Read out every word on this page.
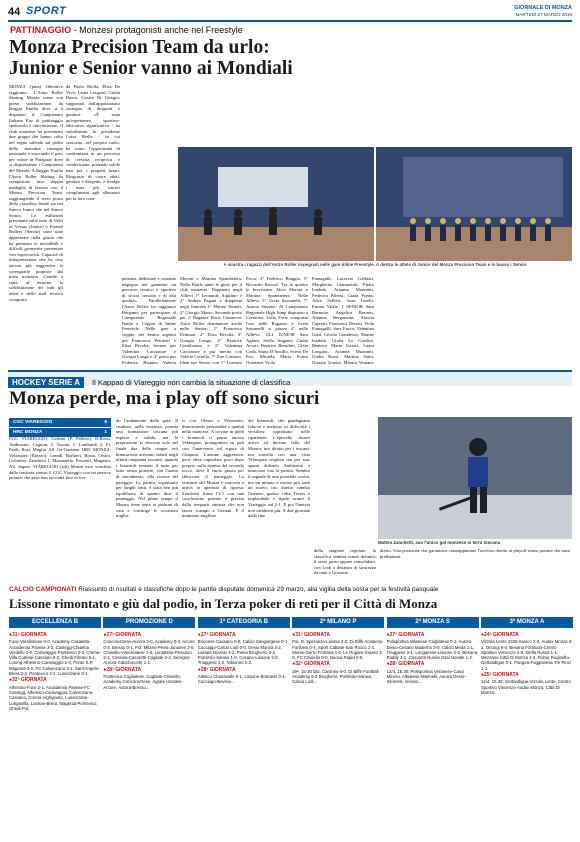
44 SPORT	GIORNALE DI MONZA
MARTEDÌ 27 MARZO 2018
PATTINAGGIO - Monzesi protagonisti anche nel Freestyle
Monza Precision Team da urlo:
Junior e Senior vanno ai Mondiali
MONZA (pma) Obiettivo raggiunto... L'Astro Roller Skating Monza torna con piena soddisfazione da Reggio Emilia dove si è disputato il Campionato Italiano Fisr di pattinaggio spettacolo e sincronizzato. Il club monzese ha presentato due gruppi che hanno colto nel segno salendo sul podio della massima rassegna nazionale e staccando il pass per volare in Paraguay dove si disputeranno i Campionati del Mondo. A Reggio Emilia l'Astro Roller Skating ha conquistato una doppia medaglia di bronzo con il Monza Precision Team, raggiungendo il terzo posto della classifica finale sia nel Sincro Junior che nel Sincro Senior. Le esibizioni presentate sulle note di Valet of Versus (Junior) e Eternal Rollers (Senior) sono state apprezzate dalla giuria che ha premiato le incredibili e difficili geometrie presentate con espressività. Capacità di interpretazione che ha reso ancora più suggestive le coreografie proposte dal team monzese. Grande è stata, al termine, la soddisfazione dei tutti gli atleti e dello staff tecnico composto
da Paolo Biella, Elisa De Vivo, Laura Longoni, Giulia Busso, Cesare Di Giorgio, supportati dall'appassionato sostegno di dirigenti e genitori. «È stata un'esperienza sportivo-educativa significativa - ha sottolineato la presidente Luisa Biella - in cui ciascuno, nel proprio ruolo, ha avuto l'opportunità di confrontarsi in un percorso di crescita reciproca e condivisione, ponendo solide basi per i progetti futuri. Ringrazio di cuore atleti, genitori e dirigenti, e rivolgo i miei più sinceri complimenti agli allenatori per la loro com-
A sinistra i ragazzi dell'Astro Roller impegnati nelle gare Inline Freestyle. A destra le atlete di Junior del Monza Precision Team e in basso i Senior
petenza, dedizione e costante impegno nel garantire un percorso tecnico e sportivo di sicura crescita e di alta qualità». Parallelamente l'Astro Roller ha raggiunto Bergamo per partecipare al Campionato Regionale Battle e Coppia di Inline Freestyle. Nelle gare a coppie, nei Senior argento per Francesca Pettinari e Elisa Rivolta, bronzo per Valentina Cacciatore e Giorgia Longo e 4° posto per Federico Biaggio Valeria
Meroni e Martina Spambetera. Nella Battle tante le gioie per il club monzese. Doppietta negli Allievi 1° Leonardo Aquilino e 2° Andrea Pagani e doppietta negli Juniores 1° Matteo Ternoli, 2° Giorgio Musio. Secondo posto per il Ragazze Boris Casanova. Astro Roller dominatore anche nelle Senior: 1° Francesca Pettinari, 2° Elisa Rivolta, 3° Giorgia Longo, 4° Beatrice Gentiluomo e 5° Valentina Cacciatore e pur merito con Valeria Certello, 7° Zoe Cassano. Ideni nei Senior con 1° Lorenzo
Picca, 4° Federico Biaggio, 5° Riccardo Riccoli. Tra le quattro le bravissime Alice Meroni e Martina Spambetera. Nelle Allieve 5° Greta Sassanelli, 7° Aurora Simone. Al Campionato Regionale High Jump disputato a Cremona, Leila Forte conquista l'oro nelle Ragazze e Greta Sassanelli si piazza 4° nelle Allieve. GLI JUNIOR Sara Aghini, Stella Angiani, Giulia Arcari, Beatrice Bertolini, Greta Coda, Sonia D'Ancillo, Sveva De Feo, Micaela Maria Forini Quartana, Viola
Fumagalli, Lucrezia Galbiati, Margherita Giannottoli, Pietro Iembek, Arianna Mazzanti, Federica Palessi, Giada Ponna, Alice Sellieri, Sara Toselli, Emma Vitale. I SENIOR Sara Barmore, Angelica Baveno, Arianna Bergonzini, Alessia Capretti, Francesca Deserti, Viola Fumagalli, Sara Fusco, Valentina Gatti, Cecilia Grandesso, Marine Iarabek, Giulia Lo Giudice, Beatrice Marin Iostaci, Laura Longoni, Arianna Mazzanti, Giulia Rossi, Martina Saini, Giorgia Truetta, Margot Vergani,
HOCKEY SERIE A Il Kappao di Viareggio non cambia la situazione di classifica
Monza perde, ma i play off sono sicuri
CGC VIAREGGIO	5
HRC MONZA	1
CGC VIAREGGIO: Gertani (P. Pollero), D.Rossi, Ambrosini, Ceguini, I. Torrini, I. Lombardi 2, Fr. Pardi, Rosi, Muglia. All. Ge Gaetano. HRC MONZA: Velazquez (Biezzo), Grandi, Barbieri, Bosia, Orsini, Colombo, Zanchetti 1, Marzanetto, Pessenti, Magnani. All. Jaquet. VIAREGGIO (sdi) Monza esce sconfitta dalla trasferta contro il CGC Viareggio con un passivo pesante che però non racconta fino in fon-
do l'andamento della gara. Il risultato, nella sostanza, premia una formazione toscana più esperta e solida, ma le proporzioni si discosta solo nel finale due delle cinque reti biancorosse arrivano infatti negli ultimi cinquanta secondi, quando i brianzoli tentano il tutto per tutto senza portiere, con l'uomo di movimento, alla ricerca del pareggio. La partita, soprattutto per lunghi tratti, è stata ben più equilibrata di quanto dica il punteggio. Nel primo tempo il Monza tiene testa ai padroni di casa e costringe le occasioni miglio-
ri con Olmos e Pesavento, dimostrando personalità e qualità nella manovra. A trovare in piedi i brianzoli ci pensa ancora Velazquez, protagonista su pali con l'intervento sul rigore di Cinquini. L'azione aggressiva, però, deve capitolare poco dopo proprio sulla ripresa del secondo tocco, dove il vuoto giusto per sbloccare il punteggio. La reazione del Monza è concreta e arriva in apertura di ripresa. Zanchetti firma l'1-1 con una conclusione potente e precisa dalla trequarti sinistra che non lascia scampo a Gertani. E il momento migliore
dei brianzoli, che guadagnano fiducia e mettono in difficoltà i versiliesi soprattutto nelle ripartenze. L'episodio chiave arriva ad decimo fallo del Monza: tiro diretto per i toscani, ma stavolta con una vista Velazquez respinta ma per sua, spunti dolendo Ambrosini e insaccato vita la partita. Sembra il segnale di una possibile svolta, ma un minuto e mezzo più tardi un nuovo tiro diretto cambia l'inerzia: questa volta Torres è implacabile e ripete avanti il Viareggio sul 2-1. E poi l'inerzia non cambierà più. A due giornate dalla fine
della stagione regolare, la classifica sembra ormai definita: il sesto posto appare consolidato, con Lodi a distanza di sicurezza davanti e Grosseto
Matteo Zanchetti, suo l'unico gol monzese in terra toscana
dietro. Una posizione che garantisce contrappuntare l'accesso diretto ai playoff senza passare dai turni preliminari.
CALCIO CAMPIONATI Riassunto di risultati e classifiche dopo le partite disputate domenica 29 marzo, alla vigilia della sosta per la festività pasquale
Lissone rimontato e giù dal podio, in Terza poker di reti per il Città di Monza
ECCELLENZA B
● 31ª GIORNATA
Fuce-Varalinnese 0-0, Academy Casaletto-Accademia Pavese 3-2, Castegg-Chiarina Verdello 1-0, Caravaggio-Pontevico 2-0, Crema-Villa Cortese-Cassano 0-2, Ghedi-Fibrani 0-1, Lomng-Alhesino-Caravaggio 1-0, Ponte S.P. Magenta 3-0, FC Calvenzano 2-1, Sant'Angelo-Brera 2-2, Pontevico 2-1, Lumezzane 3-1.
● 32ª GIORNATA
Alhesino-Fuce 2-1, Accademia Pavese-FC Castegg, Alhesino-Caravaggio, Calvenzano-Cassano, Crema-Vighignolo, Lumezzane-Lungavilla, Lunnae-Brera, Magenta-Pontevico, Ghedi-Pol..
PROMOZIONE D
● 27ª GIORNATA
Concorezzese-Aurora 2-0, Academy 0-3, Arcore 0-3, Bresso 0-1, Pol. Milano-Pessi-Juniores 2-0, Cinisello-Vimercatese 1-0, Lentatese-Pessano 2-1, Cassina-Casoretti-Cogliate 3-4, Seregno-Aurora-Calolziocorte 1-1.
● 28ª GIORNATA
Pontevico-Cogliatese, Cogliate-Cinisello, Academy-Concorezzese, Agrate Usmate-Arcore, Aurora-Bresso...
1ª CATEGORIA B
● 27ª GIORNATA
Brioness-Cassano 0-0, Calcio Sangiorgese 0-1, Cucciago-Calcio Lodi 0-0, Desio Monza 2-2, Lainate Bovisio 3-2, Paina Brugherio 2-2, Pontirolo-Sanwo 1-0, Cesano-Lissone 2-3, Triuggese 1-2, Nibionno 1-2.
● 28ª GIORNATA
Atletico Chiaravalle 0-1, Lissone-Brioness 0-1, Cucciago-Bovisio...
2ª MILANO P
● 31ª GIORNATA
Pol. N. Speranza-Lavinia 3-0, Di Biffe Academy-Forlivesi 0-4, Sport Cabiate-San Rocco 1-1, Monte-Gerro Fontana 1-0, Le Rugare Giusso 3-0, FC Cinisello 0-0, Nuova Rapid 0-0.
● 32ª GIORNATA
29ª, 15-30 Dia, Caronno 0-0, Di Biffe Football Academy 5-2 Brugherio, Pontirolo-Sanwo, Calcio Lodi...
2ª MONZA S
● 27ª GIORNATA
Polisportiva Milanese-Cogliatese 0-1, Aurora Desio-Cesano Maderno 3-0, Calcio Meda 1-1, Triuggese 2-1, Longaesse-Lissone 2-2, Besana-Paddy 1-1, Casoretti-Nuova Osal Novate 1-2.
● 28ª GIORNATA
12/4, 15.30: Polisportiva Veranese-Casci Minera, Albiatese-Marinelli, Aurora Desio-Inforrest, Verano...
3ª MONZA A
● 24ª GIORNATA
Vizzola Lente 2325-Sovico 2-0, Audax Monza 3-1, Oriongi 6-0, Besana Fortitudo-Centro Sportivo Vincenzo 1-0, Stella Rossa 1-1, Mezzano-Città Di Monza 1-4, Robur Ruginello-Gerbiadigue 0-1, Pangea-Foggianese Tre Pinzi 1-1.
● 25ª GIORNATA
12/4, 15.30: Gerbiadigue-Vizzola Lente, Centro Sportivo Vincenzo-Audax Monza, Città Di Monza...
